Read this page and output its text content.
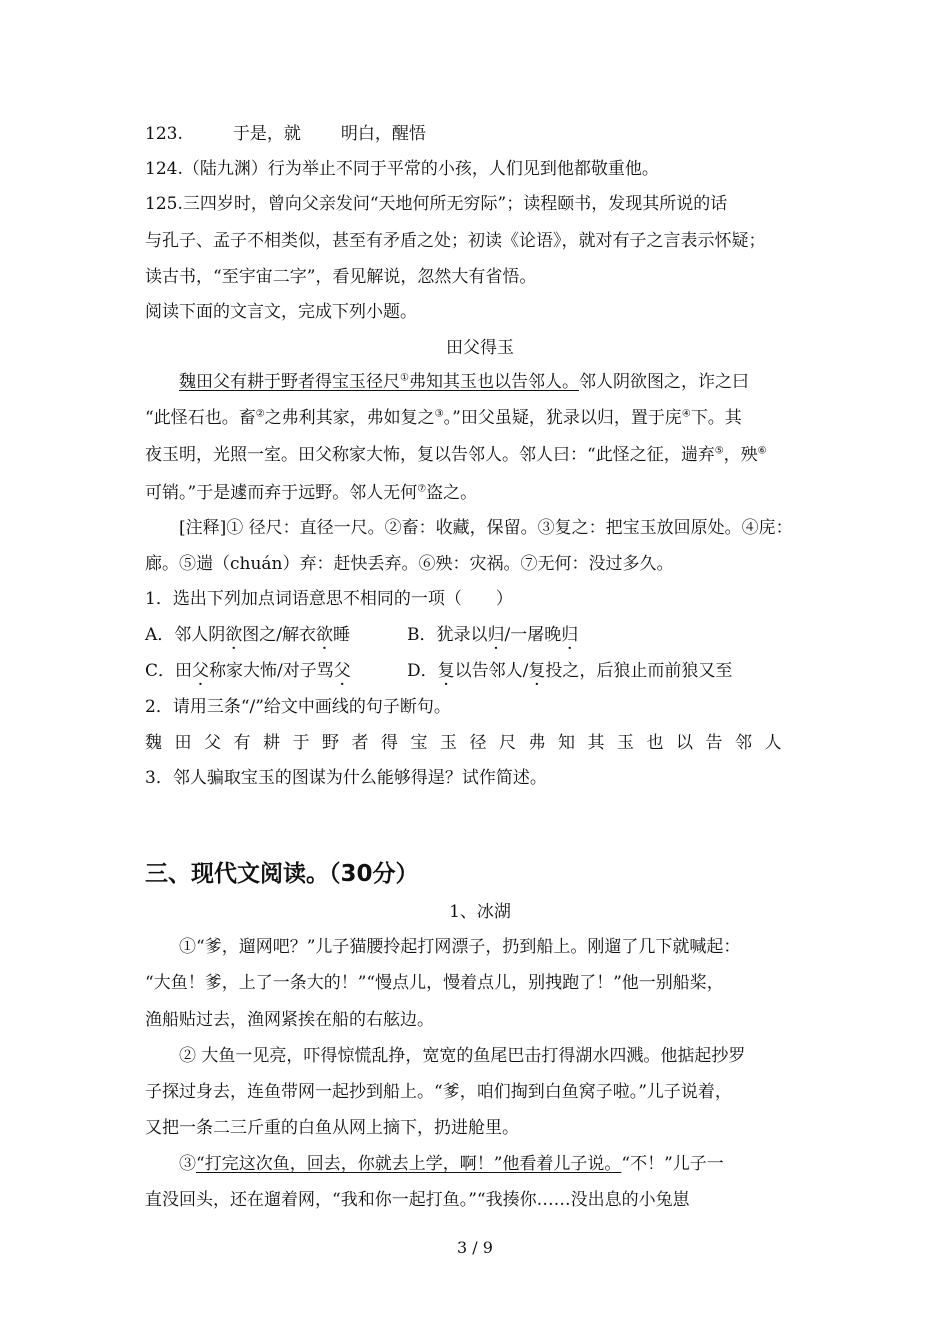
123.	于是，就 明白，醒悟
124.（陆九渊）行为举止不同于平常的小孩，人们见到他都敬重他。
125.三四岁时，曾向父亲发问“天地何所无穷际”；读程颐书，发现其所说的话
与孔子、孟子不相类似，甚至有矛盾之处；初读《论语》，就对有子之言表示怀疑；
读古书，“至宇宙二字”，看见解说，忽然大有省悟。
阅读下面的文言文，完成下列小题。
田父得玉
魏田父有耕于野者得宝玉径尺①弗知其玉也以告邻人。邻人阴欲图之，诈之曰
“此怪石也。畜②之弗利其家，弗如复之③。”田父虽疑，犹录以归，置于庑④下。其
夜玉明，光照一室。田父称家大怖，复以告邻人。邻人曰：“此怪之征，遄弃⑤，殃⑥
可销。”于是遽而弃于远野。邻人无何⑦盗之。
[注释]① 径尺：直径一尺。②畜：收藏，保留。③复之：把宝玉放回原处。④庑：
廊。⑤遄（chuán）弃：赶快丢弃。⑥殃：灾祸。⑦无何：没过多久。
1．选出下列加点词语意思不相同的一项（　　）
A．邻人阴欲图之/解衣欲睡	B．犹录以归/一屠晚归
C．田父称家大怖/对子骂父	D．复以告邻人/复投之，后狼止而前狼又至
2．请用三条“/”给文中画线的句子断句。
魏田父有耕于野者得宝玉径尺弗知其玉也以告邻人
3．邻人骗取宝玉的图谋为什么能够得逞？试作简述。
三、现代文阅读。（30分）
1、冰湖
①“爹，遛网吧？”儿子猫腰拎起打网漂子，扔到船上。刚遛了几下就喊起：
“大鱼！爹，上了一条大的！”“慢点儿，慢着点儿，别拽跑了！”他一别船桨，
渔船贴过去，渔网紧挨在船的右舷边。
② 大鱼一见亮，吓得惊慌乱挣，宽宽的鱼尾巴击打得湖水四溅。他掂起抄罗
子探过身去，连鱼带网一起抄到船上。“爹，咱们掏到白鱼窝子啦。”儿子说着，
又把一条二三斤重的白鱼从网上摘下，扔进舱里。
③“打完这次鱼，回去，你就去上学，啊！”他看着儿子说。“不！”儿子一
直没回头，还在遛着网，“我和你一起打鱼。”“我揍你……没出息的小兔崽
3 / 9
